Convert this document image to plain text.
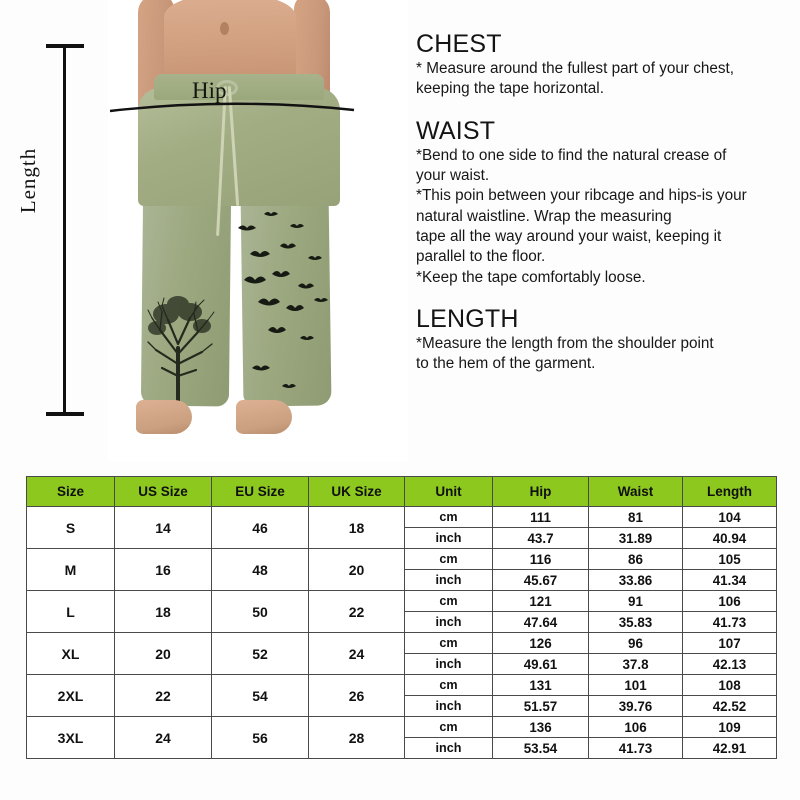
Length
Hip
CHEST

* Measure around the fullest part of your chest,

keeping the tape horizontal.

WAIST

*Bend to one side to find the natural crease of

your waist.

*This poin between your ribcage and hips-is your

natural waistline. Wrap the measuring

tape all the way around your waist, keeping it

parallel to the floor.

*Keep the tape comfortably loose.

LENGTH

*Measure the length from the shoulder point

to the hem of the garment.

Size	US Size	EU Size	UK Size	Unit	Hip	Waist	Length
S	14	46	18	cm	111	81	104
				inch	43.7	31.89	40.94
M	16	48	20	cm	116	86	105
				inch	45.67	33.86	41.34
L	18	50	22	cm	121	91	106
				inch	47.64	35.83	41.73
XL	20	52	24	cm	126	96	107
				inch	49.61	37.8	42.13
2XL	22	54	26	cm	131	101	108
				inch	51.57	39.76	42.52
3XL	24	56	28	cm	136	106	109
				inch	53.54	41.73	42.91
